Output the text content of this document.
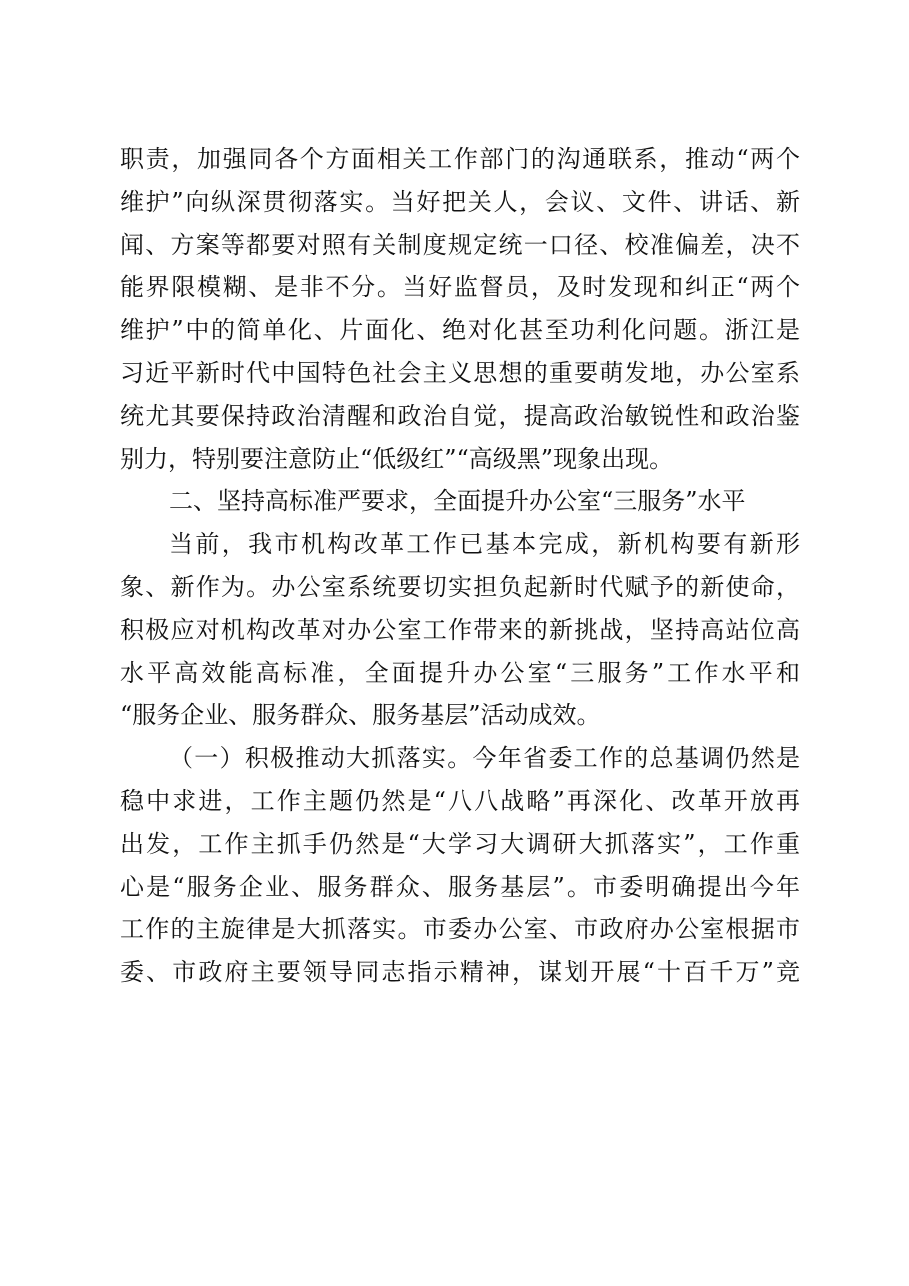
职责，加强同各个方面相关工作部门的沟通联系，推动“两个
维护”向纵深贯彻落实。当好把关人，会议、文件、讲话、新
闻、方案等都要对照有关制度规定统一口径、校准偏差，决不
能界限模糊、是非不分。当好监督员，及时发现和纠正“两个
维护”中的简单化、片面化、绝对化甚至功利化问题。浙江是
习近平新时代中国特色社会主义思想的重要萌发地，办公室系
统尤其要保持政治清醒和政治自觉，提高政治敏锐性和政治鉴
别力，特别要注意防止“低级红”“高级黑”现象出现。
二、坚持高标准严要求，全面提升办公室“三服务”水平
当前，我市机构改革工作已基本完成，新机构要有新形
象、新作为。办公室系统要切实担负起新时代赋予的新使命，
积极应对机构改革对办公室工作带来的新挑战，坚持高站位高
水平高效能高标准，全面提升办公室“三服务”工作水平和
“服务企业、服务群众、服务基层”活动成效。
（一）积极推动大抓落实。今年省委工作的总基调仍然是
稳中求进，工作主题仍然是“八八战略”再深化、改革开放再
出发，工作主抓手仍然是“大学习大调研大抓落实”，工作重
心是“服务企业、服务群众、服务基层”。市委明确提出今年
工作的主旋律是大抓落实。市委办公室、市政府办公室根据市
委、市政府主要领导同志指示精神，谋划开展“十百千万”竞
